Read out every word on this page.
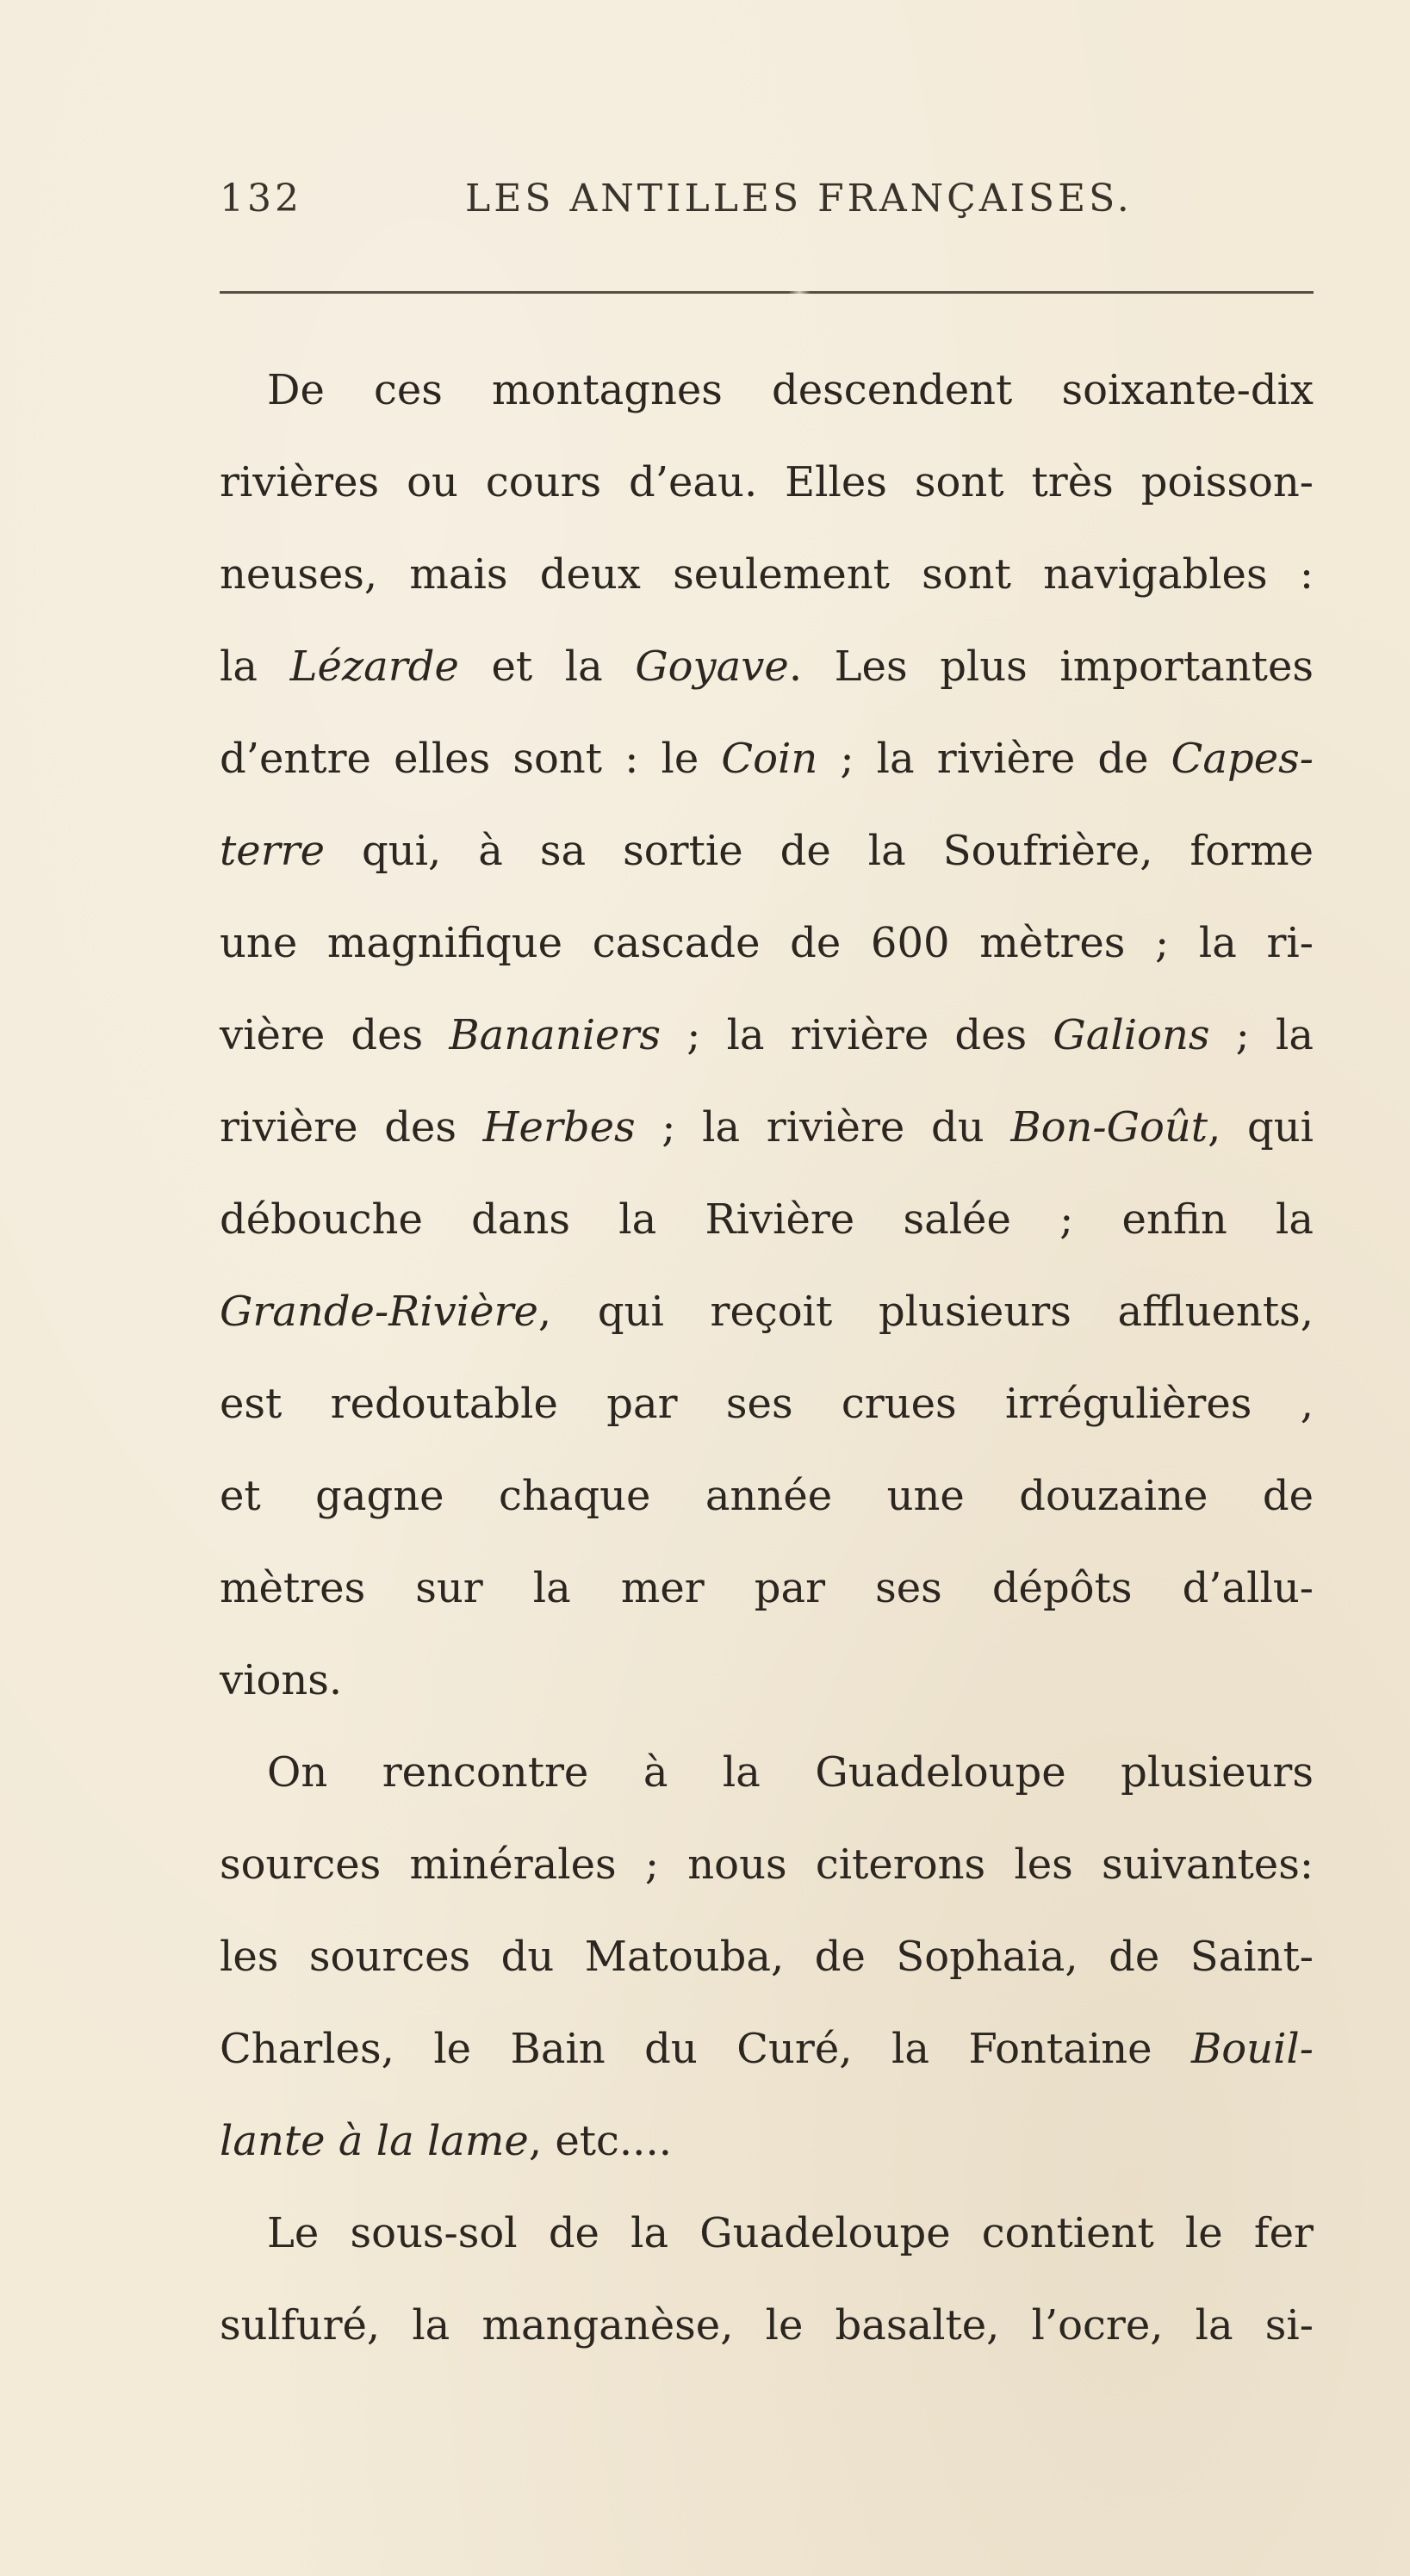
132	LES ANTILLES FRANÇAISES.
De ces montagnes descendent soixante-dix
rivières ou cours d’eau. Elles sont très poisson-
neuses, mais deux seulement sont navigables :
la Lézarde et la Goyave. Les plus importantes
d’entre elles sont : le Coin ; la rivière de Capes-
terre qui, à sa sortie de la Soufrière, forme
une magnifique cascade de 600 mètres ; la ri-
vière des Bananiers ; la rivière des Galions ; la
rivière des Herbes ; la rivière du Bon-Goût, qui
débouche dans la Rivière salée ; enfin la
Grande-Rivière, qui reçoit plusieurs affluents,
est redoutable par ses crues irrégulières ,
et gagne chaque année une douzaine de
mètres sur la mer par ses dépôts d’allu-
vions.
On rencontre à la Guadeloupe plusieurs
sources minérales ; nous citerons les suivantes:
les sources du Matouba, de Sophaia, de Saint-
Charles, le Bain du Curé, la Fontaine Bouil-
lante à la lame, etc....
Le sous-sol de la Guadeloupe contient le fer
sulfuré, la manganèse, le basalte, l’ocre, la si-
